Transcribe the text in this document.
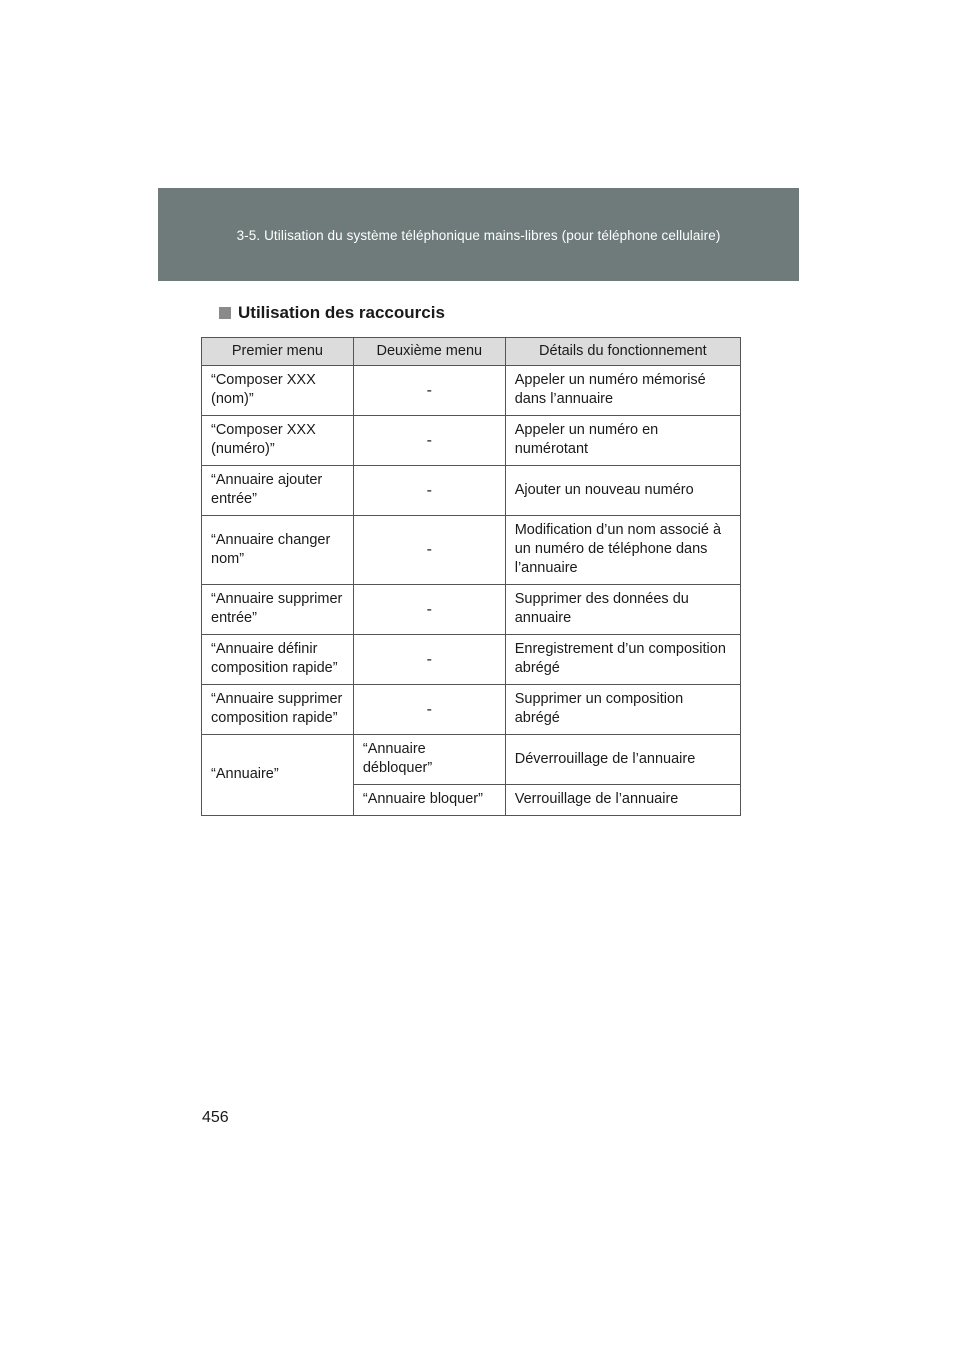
3-5. Utilisation du système téléphonique mains-libres (pour téléphone cellulaire)
Utilisation des raccourcis
Premier menu	Deuxième menu	Détails du fonctionnement
“Composer XXX (nom)”	-	Appeler un numéro mémorisé dans l’annuaire
“Composer XXX (numéro)”	-	Appeler un numéro en numérotant
“Annuaire ajouter entrée”	-	Ajouter un nouveau numéro
“Annuaire changer nom”	-	Modification d’un nom associé à un numéro de téléphone dans l’annuaire
“Annuaire supprimer entrée”	-	Supprimer des données du annuaire
“Annuaire définir composition rapide”	-	Enregistrement d’un composition abrégé
“Annuaire supprimer composition rapide”	-	Supprimer un composition abrégé
“Annuaire”	“Annuaire débloquer”	Déverrouillage de l’annuaire
	“Annuaire bloquer”	Verrouillage de l’annuaire
456
